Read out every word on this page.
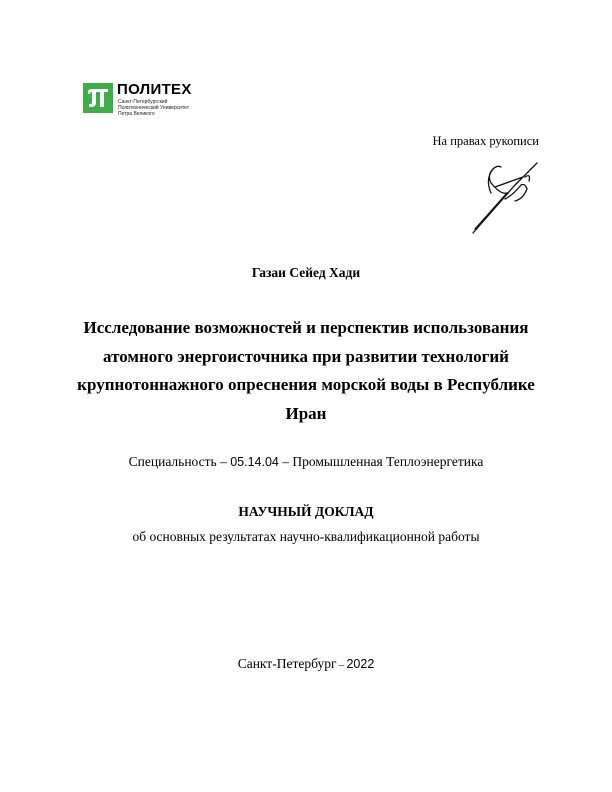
ПОЛИТЕХ
Санкт-Петербургский
Политехнический Университет
Петра Великого
На правах рукописи
Газаи Сейед Хади
Исследование возможностей и перспектив использования
атомного энергоисточника при развитии технологий
крупнотоннажного опреснения морской воды в Республике
Иран
Специальность – 05.14.04 – Промышленная Теплоэнергетика
НАУЧНЫЙ ДОКЛАД
об основных результатах научно-квалификационной работы
Санкт-Петербург – 2022
